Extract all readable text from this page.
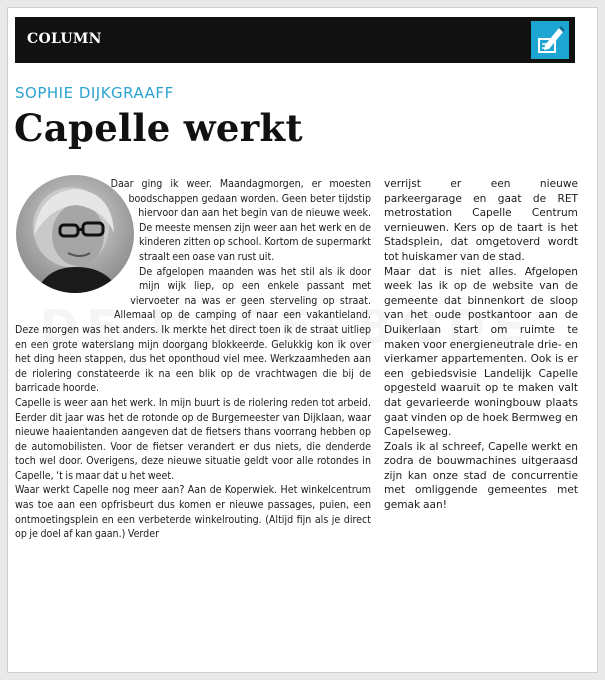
COLUMN
SOPHIE DIJKGRAAFF
Capelle werkt

Daar ging ik weer. Maandagmorgen, er moesten boodschappen gedaan worden. Geen beter tijdstip hiervoor dan aan het begin van de nieuwe week. De meeste mensen zijn weer aan het werk en de kinderen zitten op school. Kortom de supermarkt straalt een oase van rust uit.

De afgelopen maanden was het stil als ik door mijn wijk liep, op een enkele passant met viervoeter na was er geen sterveling op straat. Allemaal op de camping of naar een vakantieland. Deze morgen was het anders. Ik merkte het direct toen ik de straat uitliep en een grote waterslang mijn doorgang blokkeerde. Gelukkig kon ik over het ding heen stappen, dus het oponthoud viel mee. Werkzaamheden aan de riolering constateerde ik na een blik op de vrachtwagen die bij de barricade hoorde.

Capelle is weer aan het werk. In mijn buurt is de riolering reden tot arbeid. Eerder dit jaar was het de rotonde op de Burgemeester van Dijklaan, waar nieuwe haaientanden aangeven dat de fietsers thans voorrang hebben op de automobilisten. Voor de fietser verandert er dus niets, die denderde toch wel door. Overigens, deze nieuwe situatie geldt voor alle rotondes in Capelle, ‘t is maar dat u het weet.

Waar werkt Capelle nog meer aan? Aan de Koperwiek. Het winkelcentrum was toe aan een opfrisbeurt dus komen er nieuwe passages, puien, een ontmoetingsplein en een verbeterde winkelrouting. (Altijd fijn als je direct op je doel af kan gaan.) Verder

verrijst er een nieuwe parkeergarage en gaat de RET metrostation Capelle Centrum vernieuwen. Kers op de taart is het Stadsplein, dat omgetoverd wordt tot huiskamer van de stad.

Maar dat is niet alles. Afgelopen week las ik op de website van de gemeente dat binnenkort de sloop van het oude postkantoor aan de Duikerlaan start om ruimte te maken voor energieneutrale drie- en vierkamer appartementen. Ook is er een gebiedsvisie Landelijk Capelle opgesteld waaruit op te maken valt dat gevarieerde woningbouw plaats gaat vinden op de hoek Bermweg en Capelseweg.

Zoals ik al schreef, Capelle werkt en zodra de bouwmachines uitgeraasd zijn kan onze stad de concurrentie met omliggende gemeentes met gemak aan!
